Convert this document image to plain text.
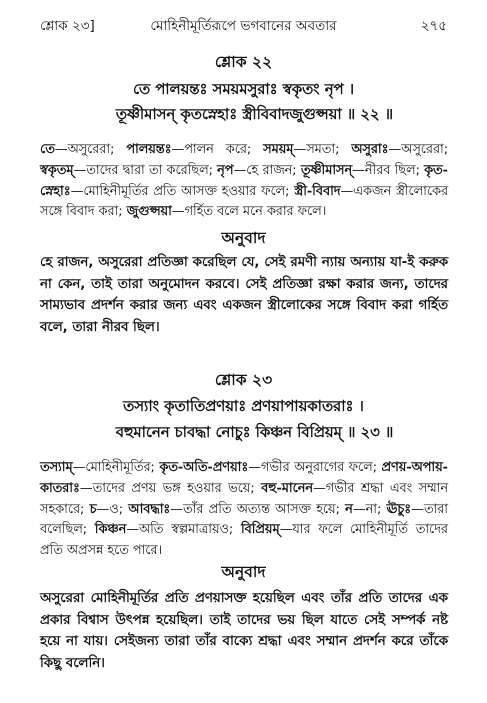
শ্লোক ২৩]	মোহিনীমূর্তিরূপে ভগবানের অবতার	২৭৫
শ্লোক ২২
তে পালয়ন্তঃ সময়মসুরাঃ স্বকৃতং নৃপ ।
তূষ্ণীমাসন্ কৃতস্নেহাঃ স্ত্রীবিবাদজুগুপ্সয়া ॥ ২২ ॥
তে—অসুরেরা; পালয়ন্তঃ—পালন করে; সময়ম্—সমতা; অসুরাঃ—অসুরেরা; স্বকৃতম্—তাদের দ্বারা তা করেছিল; নৃপ—হে রাজন; তূষ্ণীমাসন্—নীরব ছিল; কৃত-স্নেহাঃ—মোহিনীমূর্তির প্রতি আসক্ত হওয়ার ফলে; স্ত্রী-বিবাদ—একজন স্ত্রীলোকের সঙ্গে বিবাদ করা; জুগুপ্সয়া—গর্হিত বলে মনে করার ফলে।
অনুবাদ
হে রাজন, অসুরেরা প্রতিজ্ঞা করেছিল যে, সেই রমণী ন্যায় অন্যায় যা-ই করুক না কেন, তাই তারা অনুমোদন করবে। সেই প্রতিজ্ঞা রক্ষা করার জন্য, তাদের সাম্যভাব প্রদর্শন করার জন্য এবং একজন স্ত্রীলোকের সঙ্গে বিবাদ করা গর্হিত বলে, তারা নীরব ছিল।
শ্লোক ২৩
তস্যাং কৃতাতিপ্রণয়াঃ প্রণয়াপায়কাতরাঃ ।
বহুমানেন চাবদ্ধা নোচুঃ কিঞ্চন বিপ্রিয়ম্ ॥ ২৩ ॥
তস্যাম্—মোহিনীমূর্তির; কৃত-অতি-প্রণয়াঃ—গভীর অনুরাগের ফলে; প্রণয়-অপায়-কাতরাঃ—তাদের প্রণয় ভঙ্গ হওয়ার ভয়ে; বহু-মানেন—গভীর শ্রদ্ধা এবং সম্মান সহকারে; চ—ও; আবদ্ধাঃ—তাঁর প্রতি অত্যন্ত আসক্ত হয়ে; ন—না; ঊচুঃ—তারা বলেছিল; কিঞ্চন—অতি স্বল্পমাত্রায়ও; বিপ্রিয়ম্—যার ফলে মোহিনীমূর্তি তাদের প্রতি অপ্রসন্ন হতে পারে।
অনুবাদ
অসুরেরা মোহিনীমূর্তির প্রতি প্রণয়াসক্ত হয়েছিল এবং তাঁর প্রতি তাদের এক প্রকার বিশ্বাস উৎপন্ন হয়েছিল। তাই তাদের ভয় ছিল যাতে সেই সম্পর্ক নষ্ট হয়ে না যায়। সেইজন্য তারা তাঁর বাক্যে শ্রদ্ধা এবং সম্মান প্রদর্শন করে তাঁকে কিছু বলেনি।
